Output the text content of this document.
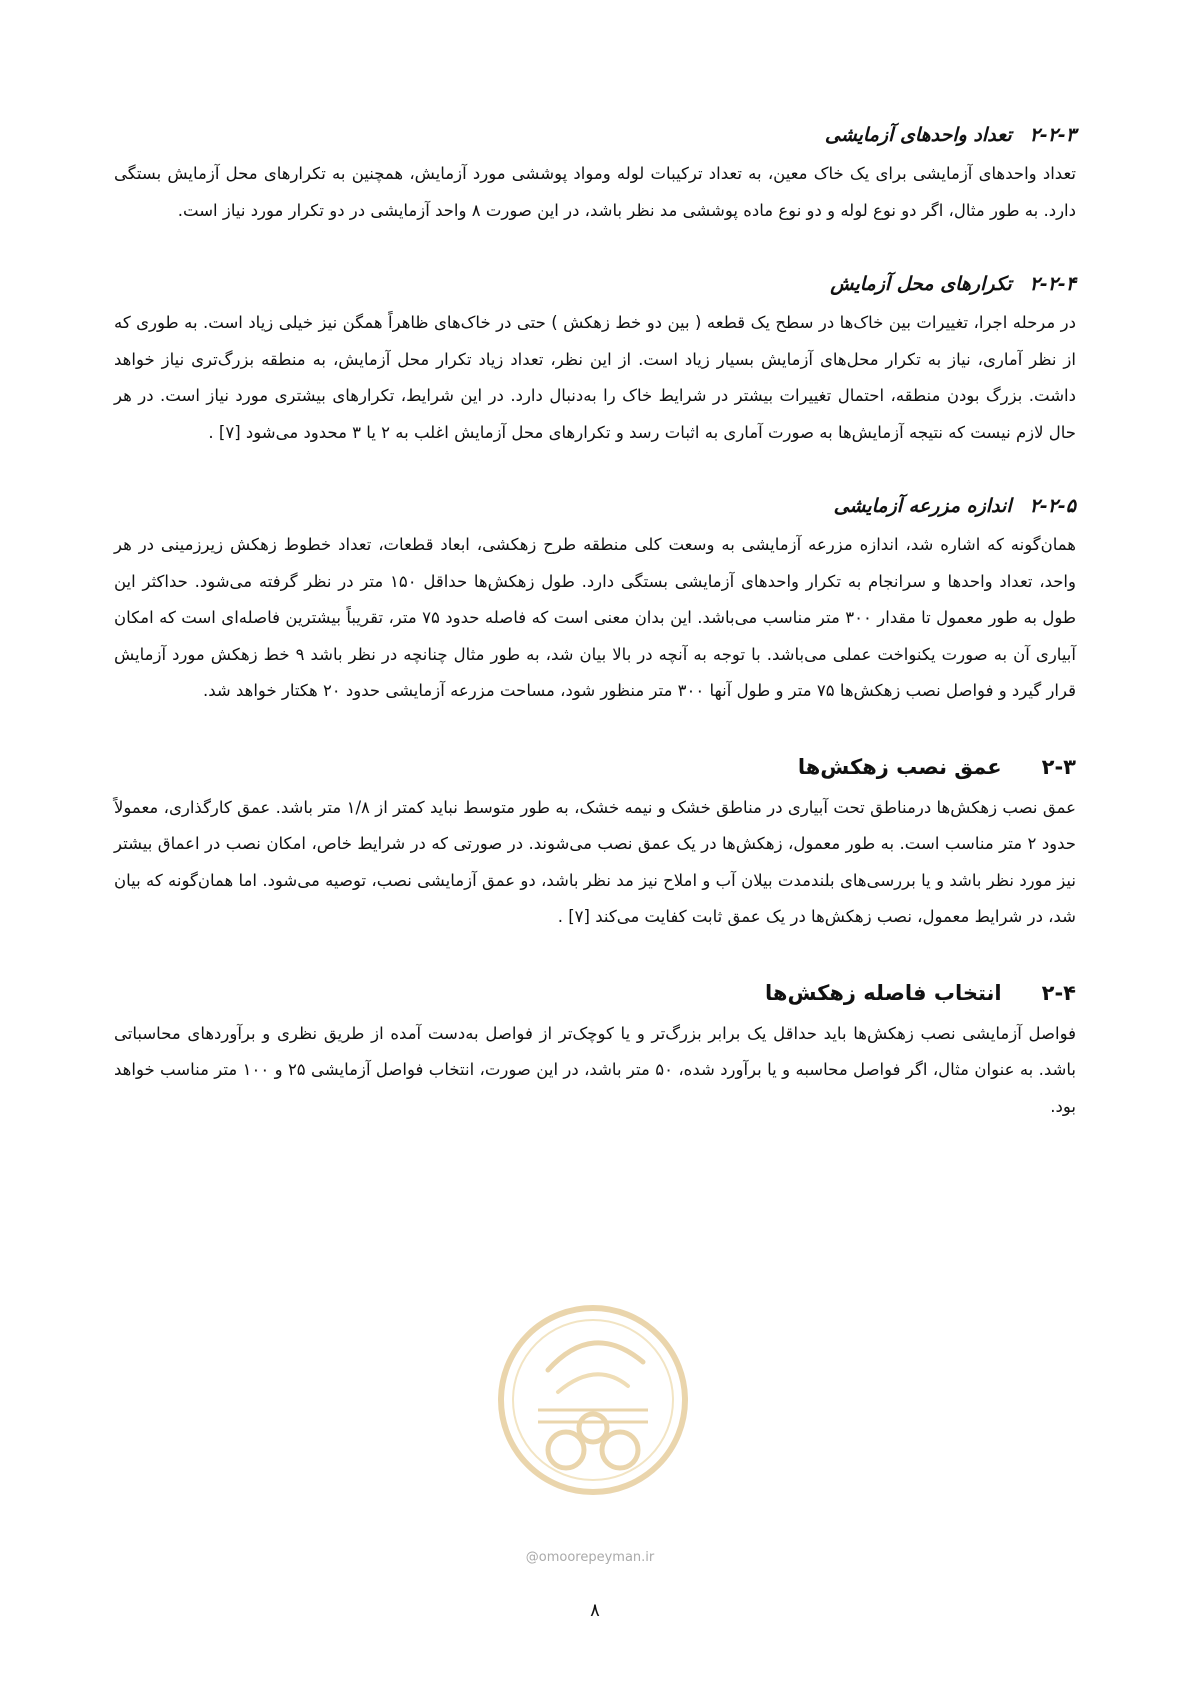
۲-۲-۳تعداد واحدهای آزمایشی

تعداد واحدهای آزمایشی برای یک خاک معین، به تعداد ترکیبات لوله ومواد پوششی مورد آزمایش، همچنین به تکرارهای محل آزمایش بستگی دارد. به طور مثال، اگر دو نوع لوله و دو نوع ماده پوششی مد نظر باشد، در این صورت ۸ واحد آزمایشی در دو تکرار مورد نیاز است.

۲-۲-۴تکرارهای محل آزمایش

در مرحله اجرا، تغییرات بین خاک‌ها در سطح یک قطعه ( بین دو خط زهکش ) حتی در خاک‌های ظاهراً همگن نیز خیلی زیاد است. به طوری که از نظر آماری، نیاز به تکرار محل‌های آزمایش بسیار زیاد است. از این نظر، تعداد زیاد تکرار محل آزمایش، به منطقه بزرگ‌تری نیاز خواهد داشت. بزرگ بودن منطقه، احتمال تغییرات بیشتر در شرایط خاک را به‌دنبال دارد. در این شرایط، تکرارهای بیشتری مورد نیاز است. در هر حال لازم نیست که نتیجه آزمایش‌ها به صورت آماری به اثبات رسد و تکرارهای محل آزمایش اغلب به ۲ یا ۳ محدود می‌شود [۷] .

۲-۲-۵اندازه مزرعه آزمایشی

همان‌گونه که اشاره شد، اندازه مزرعه آزمایشی به وسعت کلی منطقه طرح زهکشی، ابعاد قطعات، تعداد خطوط زهکش زیرزمینی در هر واحد، تعداد واحدها و سرانجام به تکرار واحدهای آزمایشی بستگی دارد. طول زهکش‌ها حداقل ۱۵۰ متر در نظر گرفته می‌شود. حداکثر این طول به طور معمول تا مقدار ۳۰۰ متر مناسب می‌باشد. این بدان معنی است که فاصله حدود ۷۵ متر، تقریباً بیشترین فاصله‌ای است که امکان آبیاری آن به صورت یکنواخت عملی می‌باشد. با توجه به آنچه در بالا بیان شد، به طور مثال چنانچه در نظر باشد ۹ خط زهکش مورد آزمایش قرار گیرد و فواصل نصب زهکش‌ها ۷۵ متر و طول آنها ۳۰۰ متر منظور شود، مساحت مزرعه آزمایشی حدود ۲۰ هکتار خواهد شد.

۲-۳عمق نصب زهکش‌ها

عمق نصب زهکش‌ها درمناطق تحت آبیاری در مناطق خشک و نیمه خشک، به طور متوسط نباید کمتر از ۱/۸ متر باشد. عمق کارگذاری، معمولاً حدود ۲ متر مناسب است. به طور معمول، زهکش‌ها در یک عمق نصب می‌شوند. در صورتی که در شرایط خاص، امکان نصب در اعماق بیشتر نیز مورد نظر باشد و یا بررسی‌های بلندمدت بیلان آب و املاح نیز مد نظر باشد، دو عمق آزمایشی نصب، توصیه می‌شود. اما همان‌گونه که بیان شد، در شرایط معمول، نصب زهکش‌ها در یک عمق ثابت کفایت می‌کند [۷] .

۲-۴انتخاب فاصله زهکش‌ها

فواصل آزمایشی نصب زهکش‌ها باید حداقل یک برابر بزرگ‌تر و یا کوچک‌تر از فواصل به‌دست آمده از طریق نظری و برآوردهای محاسباتی باشد. به عنوان مثال، اگر فواصل محاسبه و یا برآورد شده، ۵۰ متر باشد، در این صورت، انتخاب فواصل آزمایشی ۲۵ و ۱۰۰ متر مناسب خواهد بود.

@omoorepeyman.ir
۸
